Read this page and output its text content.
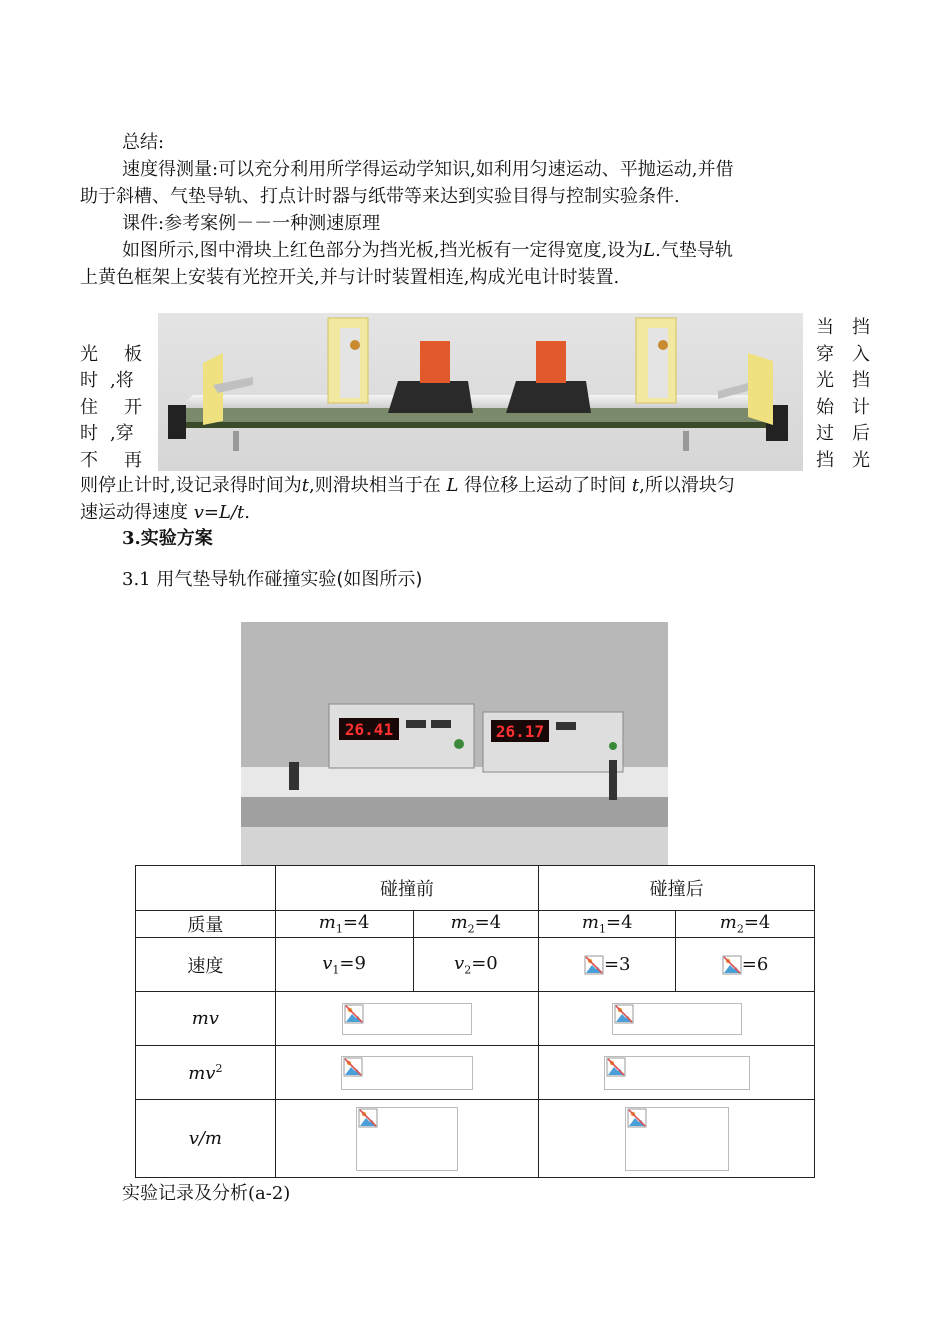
总结:
速度得测量:可以充分利用所学得运动学知识,如利用匀速运动、平抛运动,并借
助于斜槽、气垫导轨、打点计时器与纸带等来达到实验目得与控制实验条件.
课件:参考案例－－一种测速原理
如图所示,图中滑块上红色部分为挡光板,挡光板有一定得宽度,设为L.气垫导轨
上黄色框架上安装有光控开关,并与计时装置相连,构成光电计时装置.
光 板
时 ,将
住 开
时 ,穿
不 再
当 挡
穿 入
光 挡
始 计
过 后
挡 光
则停止计时,设记录得时间为t,则滑块相当于在 L 得位移上运动了时间 t,所以滑块匀
速运动得速度 v=L/t.
3.实验方案
3.1 用气垫导轨作碰撞实验(如图所示)
26.41	26.17
	碰撞前		碰撞后	
质量	$m_1=4$	$m_2=4$	$m_1=4$	$m_2=4$
速度	$v_1=9$	$v_2=0$	=3	=6
mv	

$mv^2$	

v/m	

实验记录及分析(a-2)
